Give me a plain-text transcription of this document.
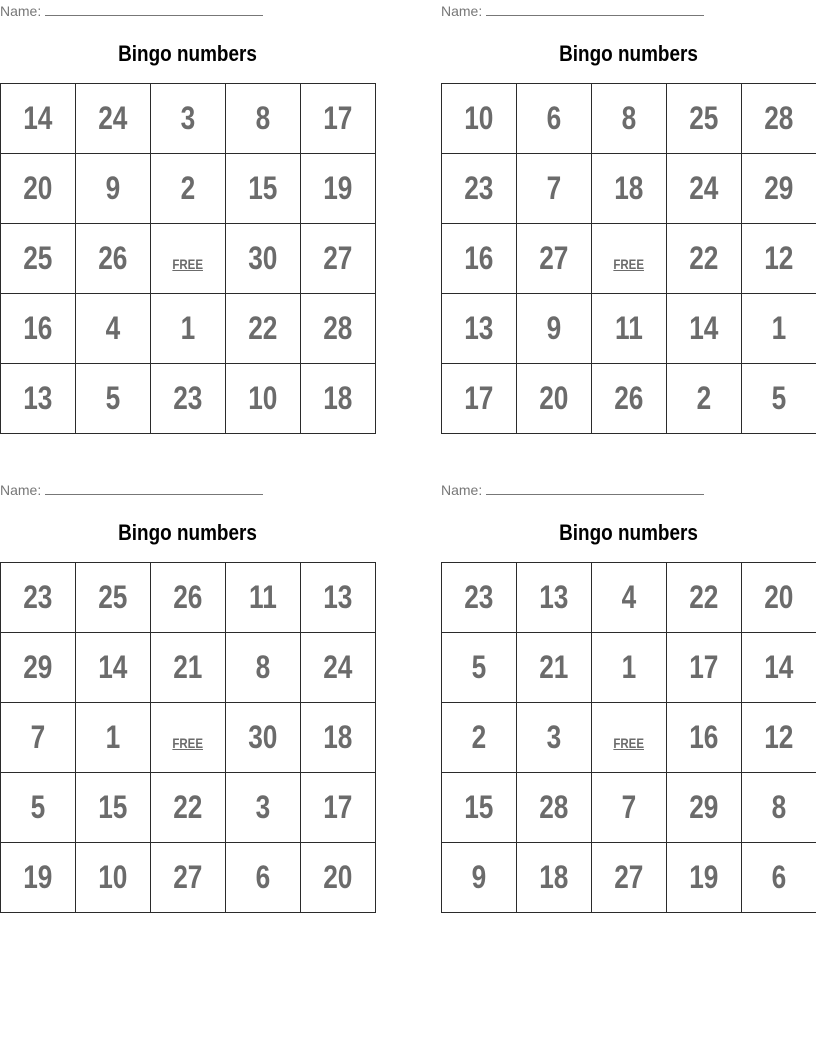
Name:
Bingo numbers
14	24	3	8	17
20	9	2	15	19
25	26	FREE	30	27
16	4	1	22	28
13	5	23	10	18
Name:
Bingo numbers
10	6	8	25	28
23	7	18	24	29
16	27	FREE	22	12
13	9	11	14	1
17	20	26	2	5
Name:
Bingo numbers
23	25	26	11	13
29	14	21	8	24
7	1	FREE	30	18
5	15	22	3	17
19	10	27	6	20
Name:
Bingo numbers
23	13	4	22	20
5	21	1	17	14
2	3	FREE	16	12
15	28	7	29	8
9	18	27	19	6
